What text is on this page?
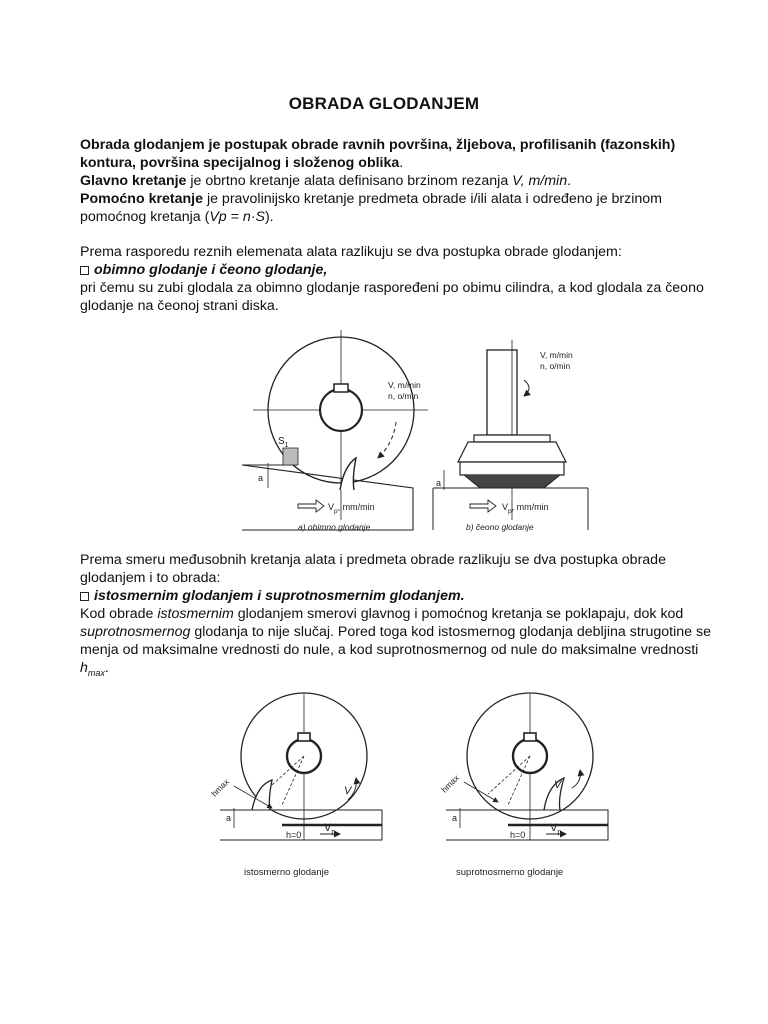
OBRADA GLODANJEM

Obrada glodanjem je postupak obrade ravnih površina, žljebova, profilisanih (fazonskih) kontura, površina specijalnog i složenog oblika.
Glavno kretanje je obrtno kretanje alata definisano brzinom rezanja V, m/min.
Pomoćno kretanje je pravolinijsko kretanje predmeta obrade i/ili alata i određeno je brzinom pomoćnog kretanja (Vp = n·S).

Prema rasporedu reznih elemenata alata razlikuju se dva postupka obrade glodanjem:
obimno glodanje i čeono glodanje,
pri čemu su zubi glodala za obimno glodanje raspoređeni po obimu cilindra, a kod glodala za čeono glodanje na čeonoj strani diska.

a
$S_1$
V, m/min
n, o/min
$V_p$, mm/min
a) obimno glodanje
V, m/min
n, o/min
a
$V_p$, mm/min
b) čeono glodanje

Prema smeru međusobnih kretanja alata i predmeta obrade razlikuju se dva postupka obrade glodanjem i to obrada:
istosmernim glodanjem i suprotnosmernim glodanjem.
Kod obrade istosmernim glodanjem smerovi glavnog i pomoćnog kretanja se poklapaju, dok kod suprotnosmernog glodanja to nije slučaj. Pored toga kod istosmernog glodanja debljina strugotine se menja od maksimalne vrednosti do nule, a kod suprotnosmernog od nule do maksimalne vrednosti $h_{max}$.

V
hmax
a
h=0
$V_p$
istosmerno glodanje
V
hmax
a
h=0
$V_p$
suprotnosmerno glodanje
